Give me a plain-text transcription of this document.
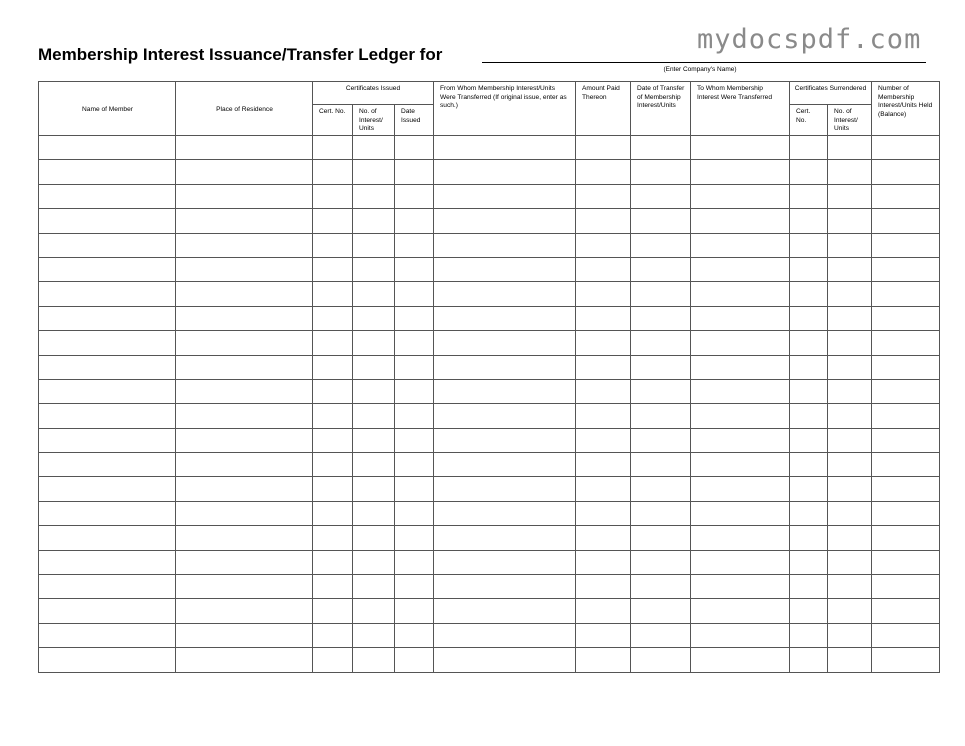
mydocspdf.com
Membership Interest Issuance/Transfer Ledger for
(Enter Company's Name)
Name of Member	Place of Residence	Certificates Issued			From Whom Membership Interest/Units Were Transferred (If original issue, enter as such.)	Amount Paid Thereon	Date of Transfer of Membership Interest/Units	To Whom Membership Interest Were Transferred	Certificates Surrendered		Number of Membership Interest/Units Held (Balance)
		Cert. No.	No. of Interest/ Units	Date Issued					Cert. No.	No. of Interest/ Units	
